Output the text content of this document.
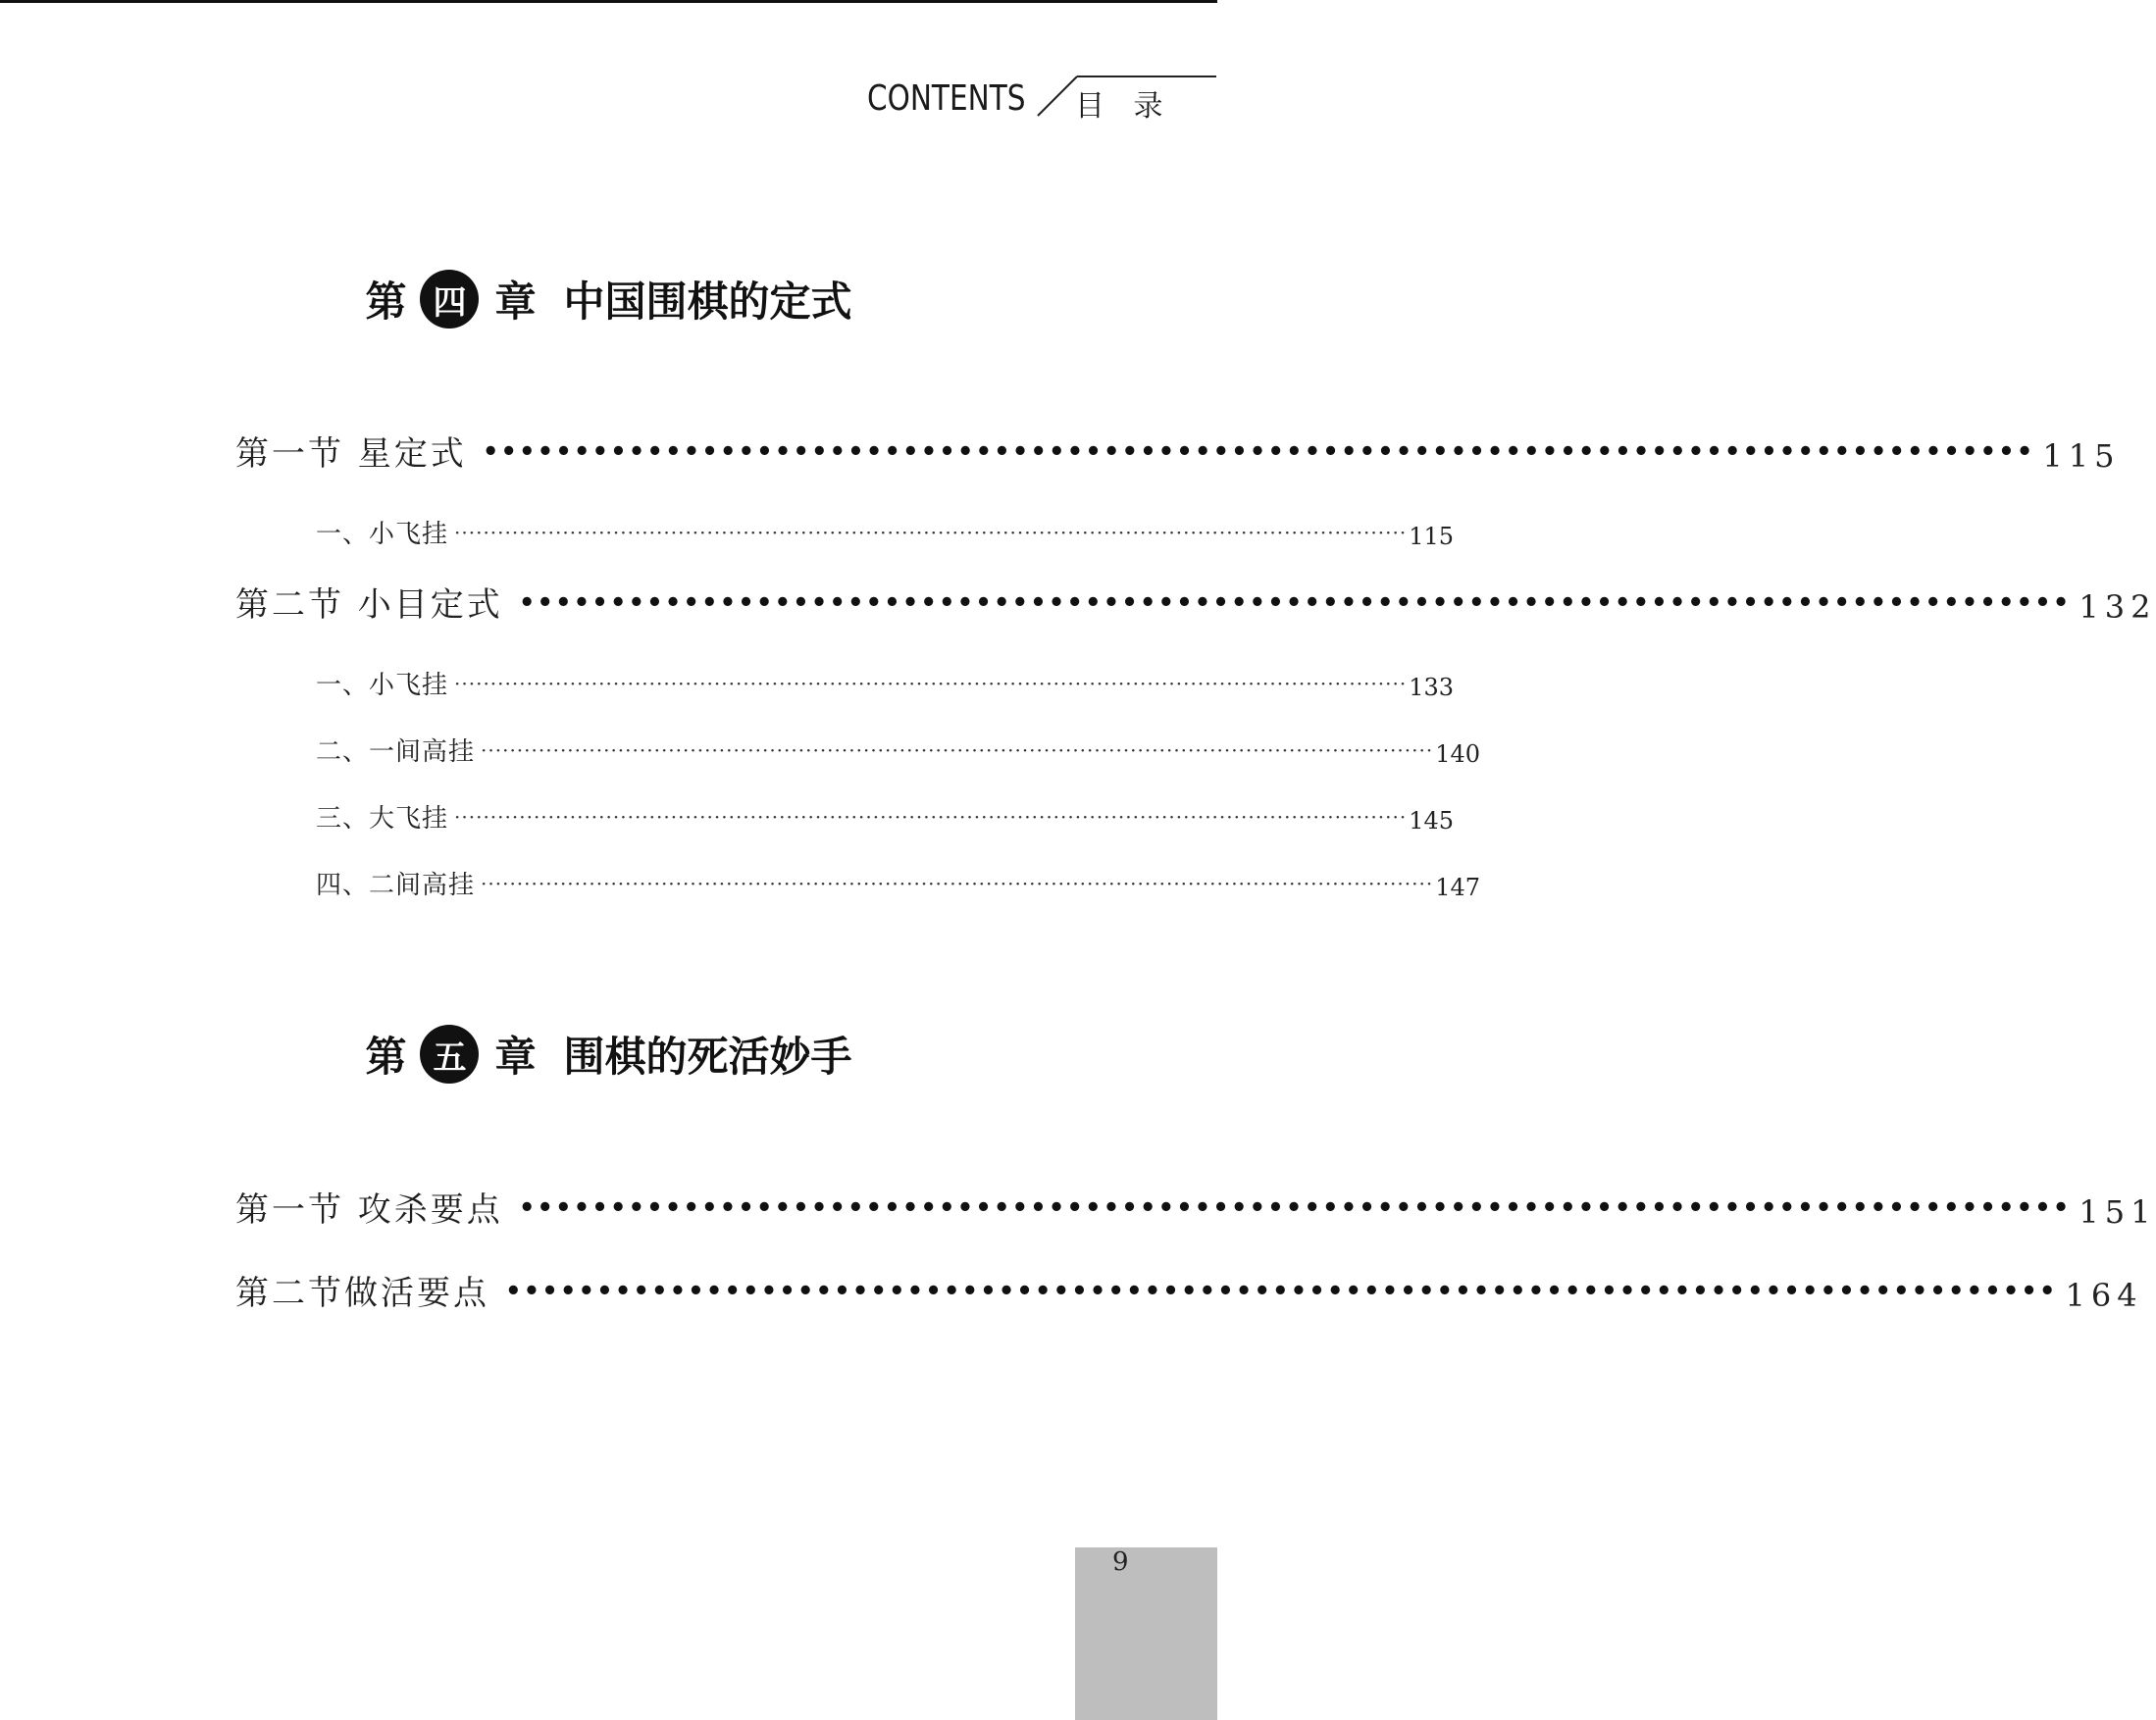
CONTENTS 目 录
第 四 章 中国围棋的定式
第一节 星定式 ••••••••••••••••••••••••••••••••••••••••••••••••••••••••••••••••••••••••••••••••••••• 115
一、小飞挂 ···································································································································· 115
第二节 小目定式 ••••••••••••••••••••••••••••••••••••••••••••••••••••••••••••••••••••••••••••••••••••• 132
一、小飞挂 ···································································································································· 133
二、一间高挂 ···································································································································· 140
三、大飞挂 ···································································································································· 145
四、二间高挂 ···································································································································· 147
第 五 章 围棋的死活妙手
第一节 攻杀要点 ••••••••••••••••••••••••••••••••••••••••••••••••••••••••••••••••••••••••••••••••••••• 151
第二节做活要点 ••••••••••••••••••••••••••••••••••••••••••••••••••••••••••••••••••••••••••••••••••••• 164
9
